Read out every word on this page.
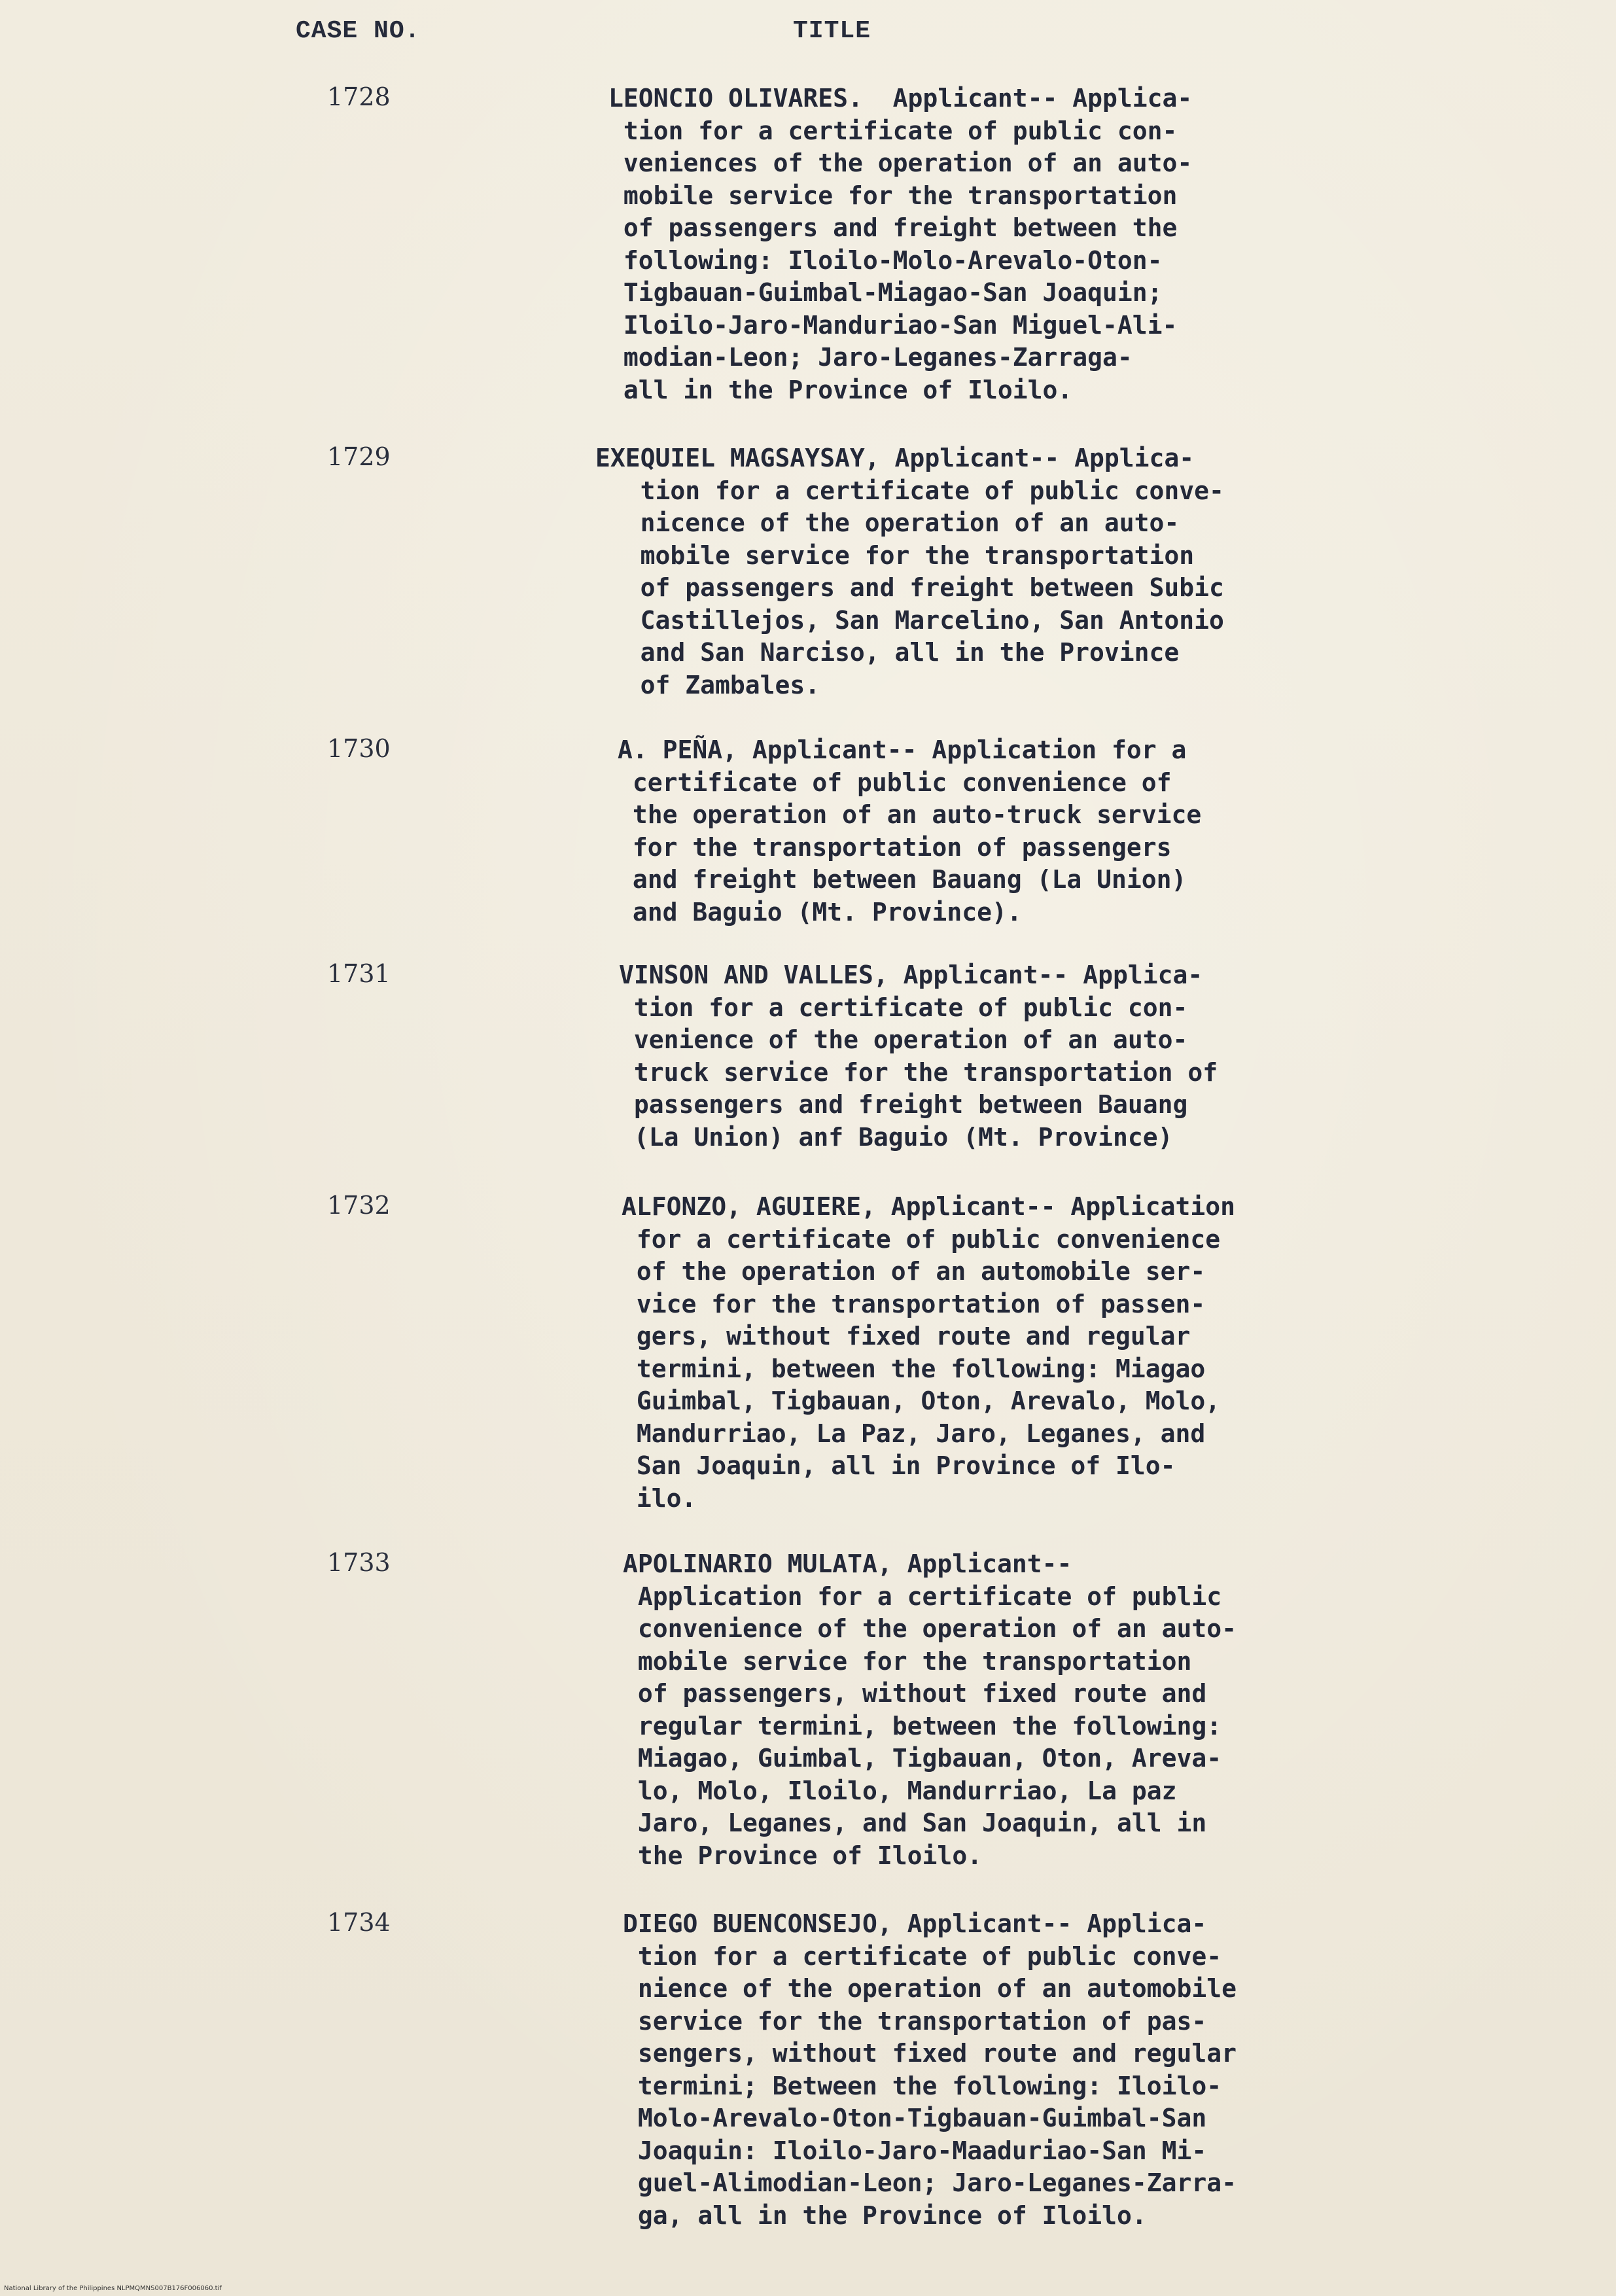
CASE NO.	TITLE
1728	LEONCIO OLIVARES.  Applicant-- Applica-
tion for a certificate of public con-
veniences of the operation of an auto-
mobile service for the transportation
of passengers and freight between the
following: Iloilo-Molo-Arevalo-Oton-
Tigbauan-Guimbal-Miagao-San Joaquin;
Iloilo-Jaro-Manduriao-San Miguel-Ali-
modian-Leon; Jaro-Leganes-Zarraga-
all in the Province of Iloilo.
1729	EXEQUIEL MAGSAYSAY, Applicant-- Applica-
tion for a certificate of public conve-
nicence of the operation of an auto-
mobile service for the transportation
of passengers and freight between Subic
Castillejos, San Marcelino, San Antonio
and San Narciso, all in the Province
of Zambales.
1730	A. PEÑA, Applicant-- Application for a
certificate of public convenience of
the operation of an auto-truck service
for the transportation of passengers
and freight between Bauang (La Union)
and Baguio (Mt. Province).
1731	VINSON AND VALLES, Applicant-- Applica-
tion for a certificate of public con-
venience of the operation of an auto-
truck service for the transportation of
passengers and freight between Bauang
(La Union) anf Baguio (Mt. Province)
1732	ALFONZO, AGUIERE, Applicant-- Application
for a certificate of public convenience
of the operation of an automobile ser-
vice for the transportation of passen-
gers, without fixed route and regular
termini, between the following: Miagao
Guimbal, Tigbauan, Oton, Arevalo, Molo,
Mandurriao, La Paz, Jaro, Leganes, and
San Joaquin, all in Province of Ilo-
ilo.
1733	APOLINARIO MULATA, Applicant--
Application for a certificate of public
convenience of the operation of an auto-
mobile service for the transportation
of passengers, without fixed route and
regular termini, between the following:
Miagao, Guimbal, Tigbauan, Oton, Areva-
lo, Molo, Iloilo, Mandurriao, La paz
Jaro, Leganes, and San Joaquin, all in
the Province of Iloilo.
1734	DIEGO BUENCONSEJO, Applicant-- Applica-
tion for a certificate of public conve-
nience of the operation of an automobile
service for the transportation of pas-
sengers, without fixed route and regular
termini; Between the following: Iloilo-
Molo-Arevalo-Oton-Tigbauan-Guimbal-San
Joaquin: Iloilo-Jaro-Maaduriao-San Mi-
guel-Alimodian-Leon; Jaro-Leganes-Zarra-
ga, all in the Province of Iloilo.
National Library of the Philippines NLPMQMNS007B176F006060.tif
